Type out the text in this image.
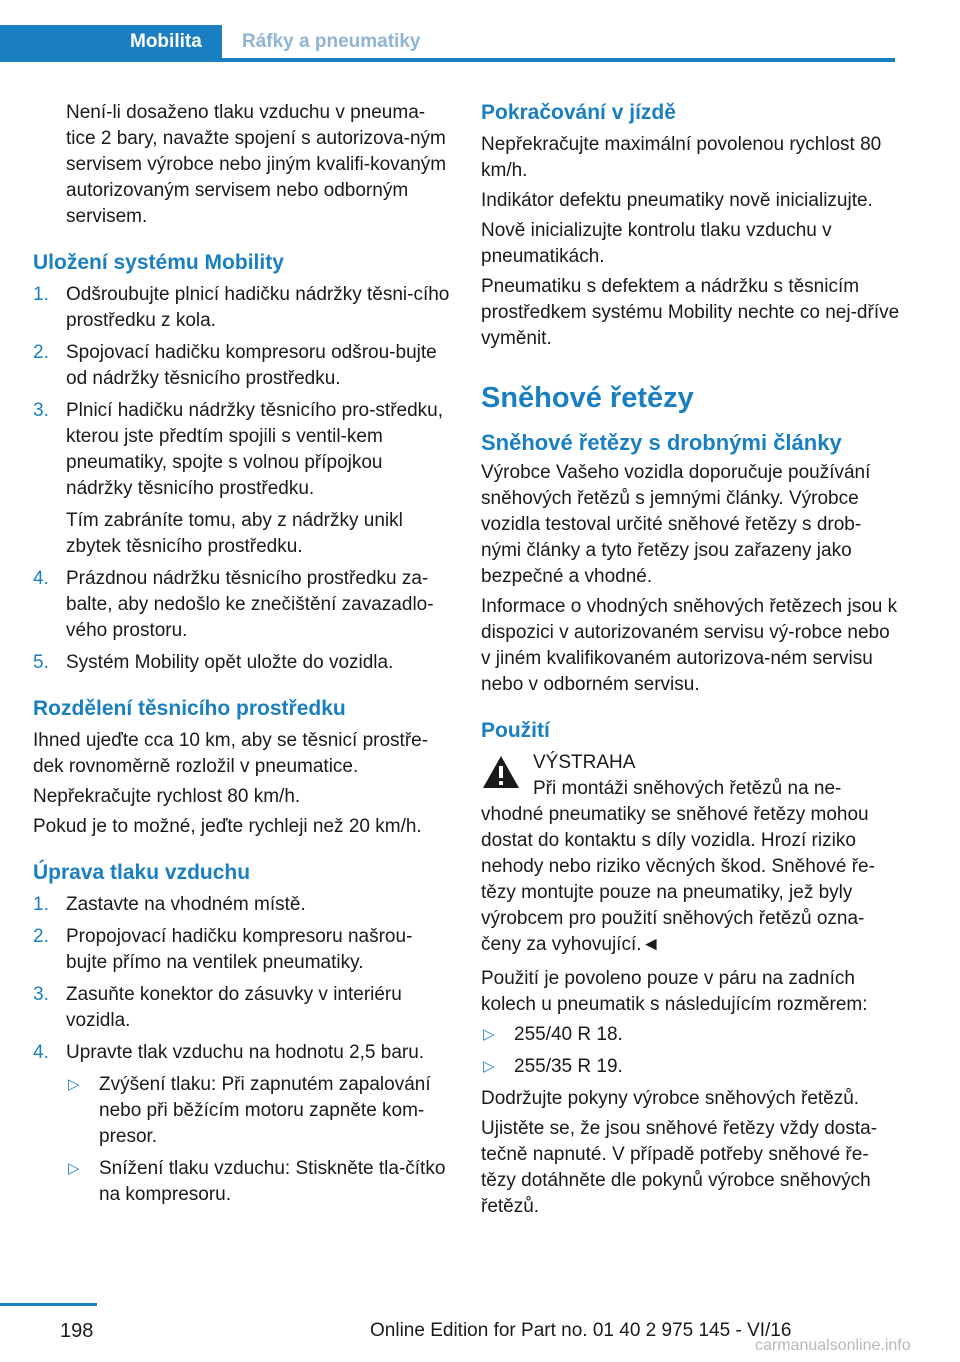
Mobilita Ráfky a pneumatiky

Není-li dosaženo tlaku vzduchu v pneuma‐tice 2 bary, navažte spojení s autorizova‐ným servisem výrobce nebo jiným kvalifi‐kovaným autorizovaným servisem nebo odborným servisem.

Uložení systému Mobility
1. Odšroubujte plnicí hadičku nádržky těsni‐cího prostředku z kola.
2. Spojovací hadičku kompresoru odšrou‐bujte od nádržky těsnicího prostředku.
3. Plnicí hadičku nádržky těsnicího pro‐středku, kterou jste předtím spojili s ventil‐kem pneumatiky, spojte s volnou přípojkou nádržky těsnicího prostředku.

Tím zabráníte tomu, aby z nádržky unikl zbytek těsnicího prostředku.

4. Prázdnou nádržku těsnicího prostředku za‐balte, aby nedošlo ke znečištění zavazadlo‐vého prostoru.
5. Systém Mobility opět uložte do vozidla.
Rozdělení těsnicího prostředku

Ihned ujeďte cca 10 km, aby se těsnicí prostře‐dek rovnoměrně rozložil v pneumatice.

Nepřekračujte rychlost 80 km/h.

Pokud je to možné, jeďte rychleji než 20 km/h.

Úprava tlaku vzduchu
1. Zastavte na vhodném místě.
2. Propojovací hadičku kompresoru našrou‐bujte přímo na ventilek pneumatiky.
3. Zasuňte konektor do zásuvky v interiéru vozidla.
4. Upravte tlak vzduchu na hodnotu 2,5 baru.
▷ Zvýšení tlaku: Při zapnutém zapalování nebo při běžícím motoru zapněte kom‐presor.
▷ Snížení tlaku vzduchu: Stiskněte tla‐čítko na kompresoru.
Pokračování v jízdě

Nepřekračujte maximální povolenou rychlost 80 km/h.

Indikátor defektu pneumatiky nově inicializujte.

Nově inicializujte kontrolu tlaku vzduchu v pneumatikách.

Pneumatiku s defektem a nádržku s těsnicím prostředkem systému Mobility nechte co nej‐dříve vyměnit.

Sněhové řetězy
Sněhové řetězy s drobnými články

Výrobce Vašeho vozidla doporučuje používání sněhových řetězů s jemnými články. Výrobce vozidla testoval určité sněhové řetězy s drob‐nými články a tyto řetězy jsou zařazeny jako bezpečné a vhodné.

Informace o vhodných sněhových řetězech jsou k dispozici v autorizovaném servisu vý‐robce nebo v jiném kvalifikovaném autorizova‐ném servisu nebo v odborném servisu.

Použití

VÝSTRAHA

Při montáži sněhových řetězů na ne‐

vhodné pneumatiky se sněhové řetězy mohou dostat do kontaktu s díly vozidla. Hrozí riziko nehody nebo riziko věcných škod. Sněhové ře‐tězy montujte pouze na pneumatiky, jež byly výrobcem pro použití sněhových řetězů ozna‐čeny za vyhovující.◄

Použití je povoleno pouze v páru na zadních kolech u pneumatik s následujícím rozměrem:

▷ 255/40 R 18.
▷ 255/35 R 19.

Dodržujte pokyny výrobce sněhových řetězů.

Ujistěte se, že jsou sněhové řetězy vždy dosta‐tečně napnuté. V případě potřeby sněhové ře‐tězy dotáhněte dle pokynů výrobce sněhových řetězů.

198	Online Edition for Part no. 01 40 2 975 145 - VI/16
carmanualsonline.info
